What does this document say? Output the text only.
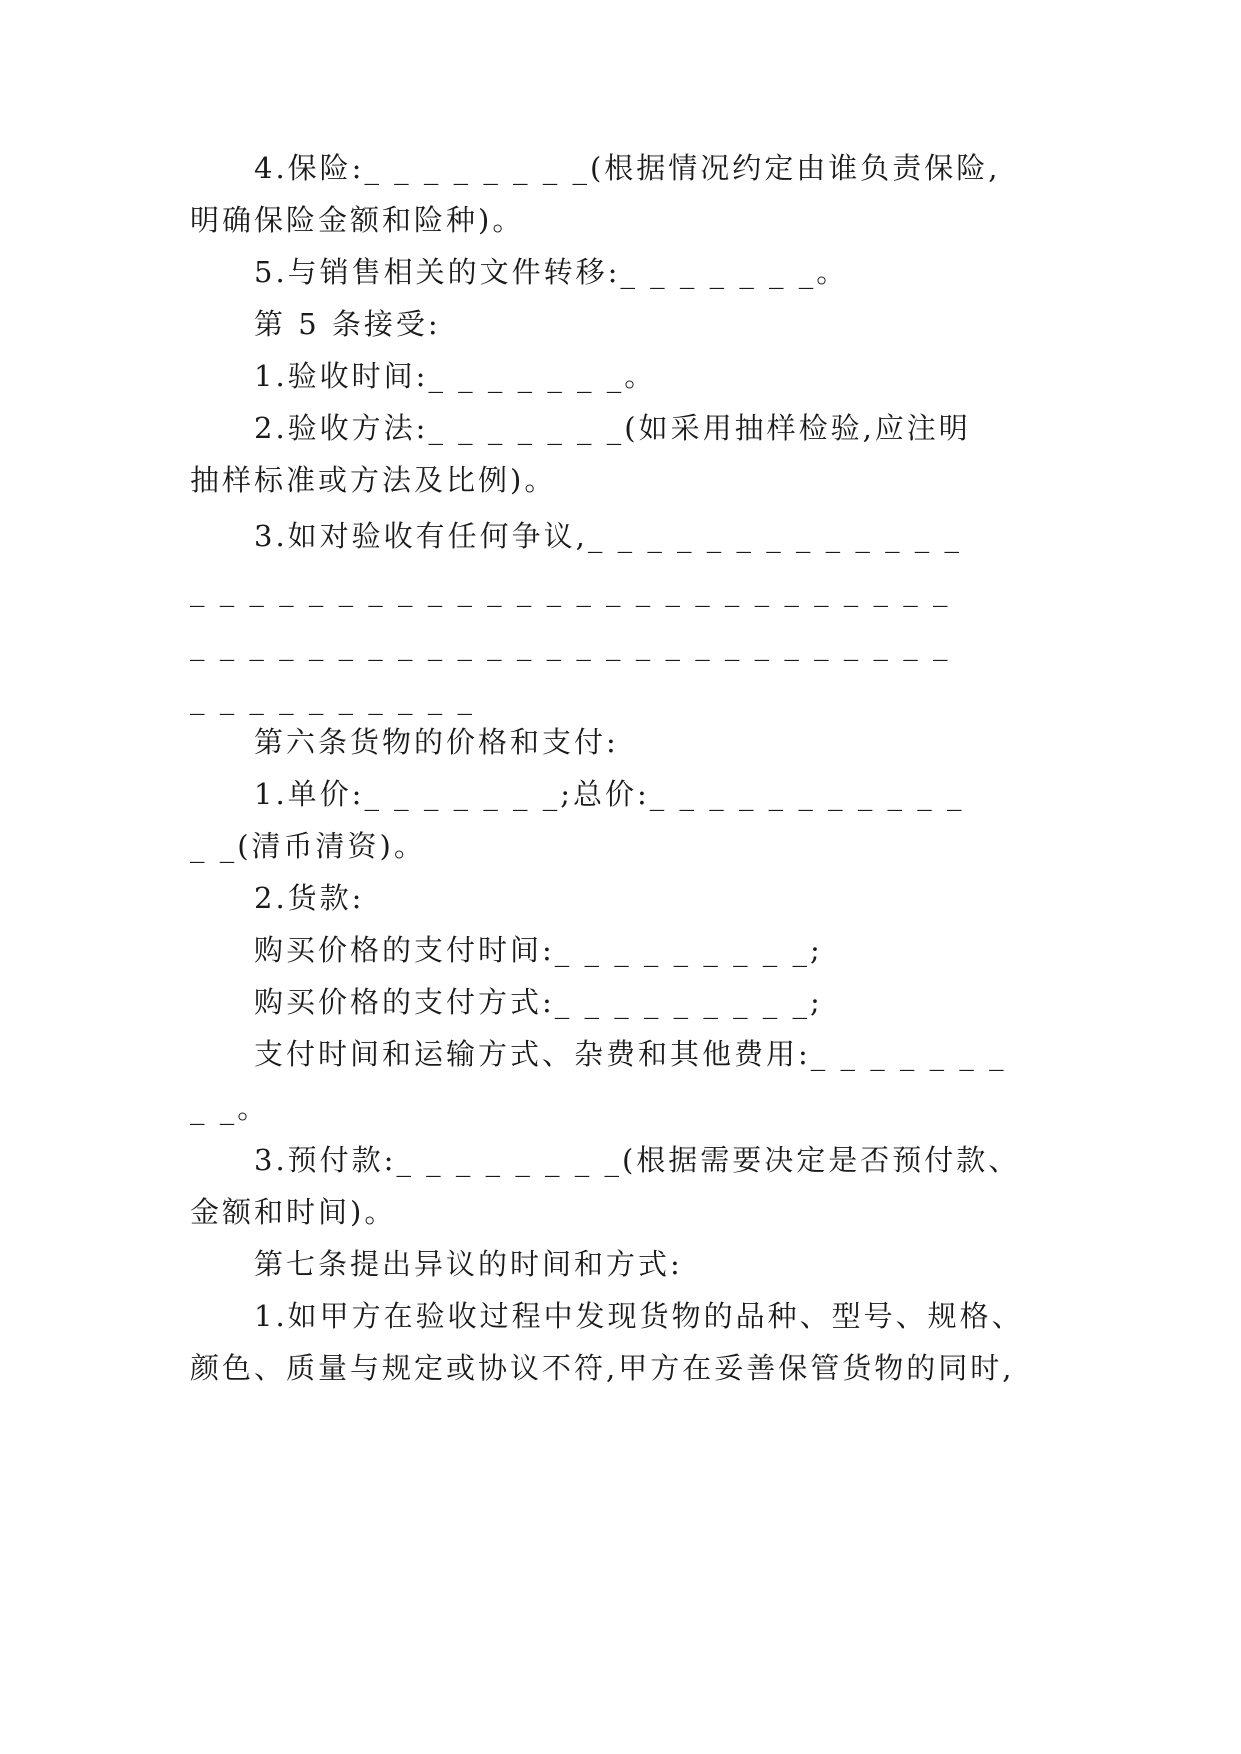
4.保险:_ _ _ _ _ _ _ _(根据情况约定由谁负责保险,
明确保险金额和险种)。
5.与销售相关的文件转移:_ _ _ _ _ _ _。
第 5 条接受:
1.验收时间:_ _ _ _ _ _ _。
2.验收方法:_ _ _ _ _ _ _(如采用抽样检验,应注明
抽样标准或方法及比例)。
3.如对验收有任何争议,_ _ _ _ _ _ _ _ _ _ _ _ _
_ _ _ _ _ _ _ _ _ _ _ _ _ _ _ _ _ _ _ _ _ _ _ _ _ _
_ _ _ _ _ _ _ _ _ _ _ _ _ _ _ _ _ _ _ _ _ _ _ _ _ _
_ _ _ _ _ _ _ _ _ _
第六条货物的价格和支付:
1.单价:_ _ _ _ _ _ _;总价:_ _ _ _ _ _ _ _ _ _ _
_ _(清币清资)。
2.货款:
购买价格的支付时间:_ _ _ _ _ _ _ _ _;
购买价格的支付方式:_ _ _ _ _ _ _ _ _;
支付时间和运输方式、杂费和其他费用:_ _ _ _ _ _ _
_ _。
3.预付款:_ _ _ _ _ _ _ _(根据需要决定是否预付款、
金额和时间)。
第七条提出异议的时间和方式:
1.如甲方在验收过程中发现货物的品种、型号、规格、
颜色、质量与规定或协议不符,甲方在妥善保管货物的同时,
